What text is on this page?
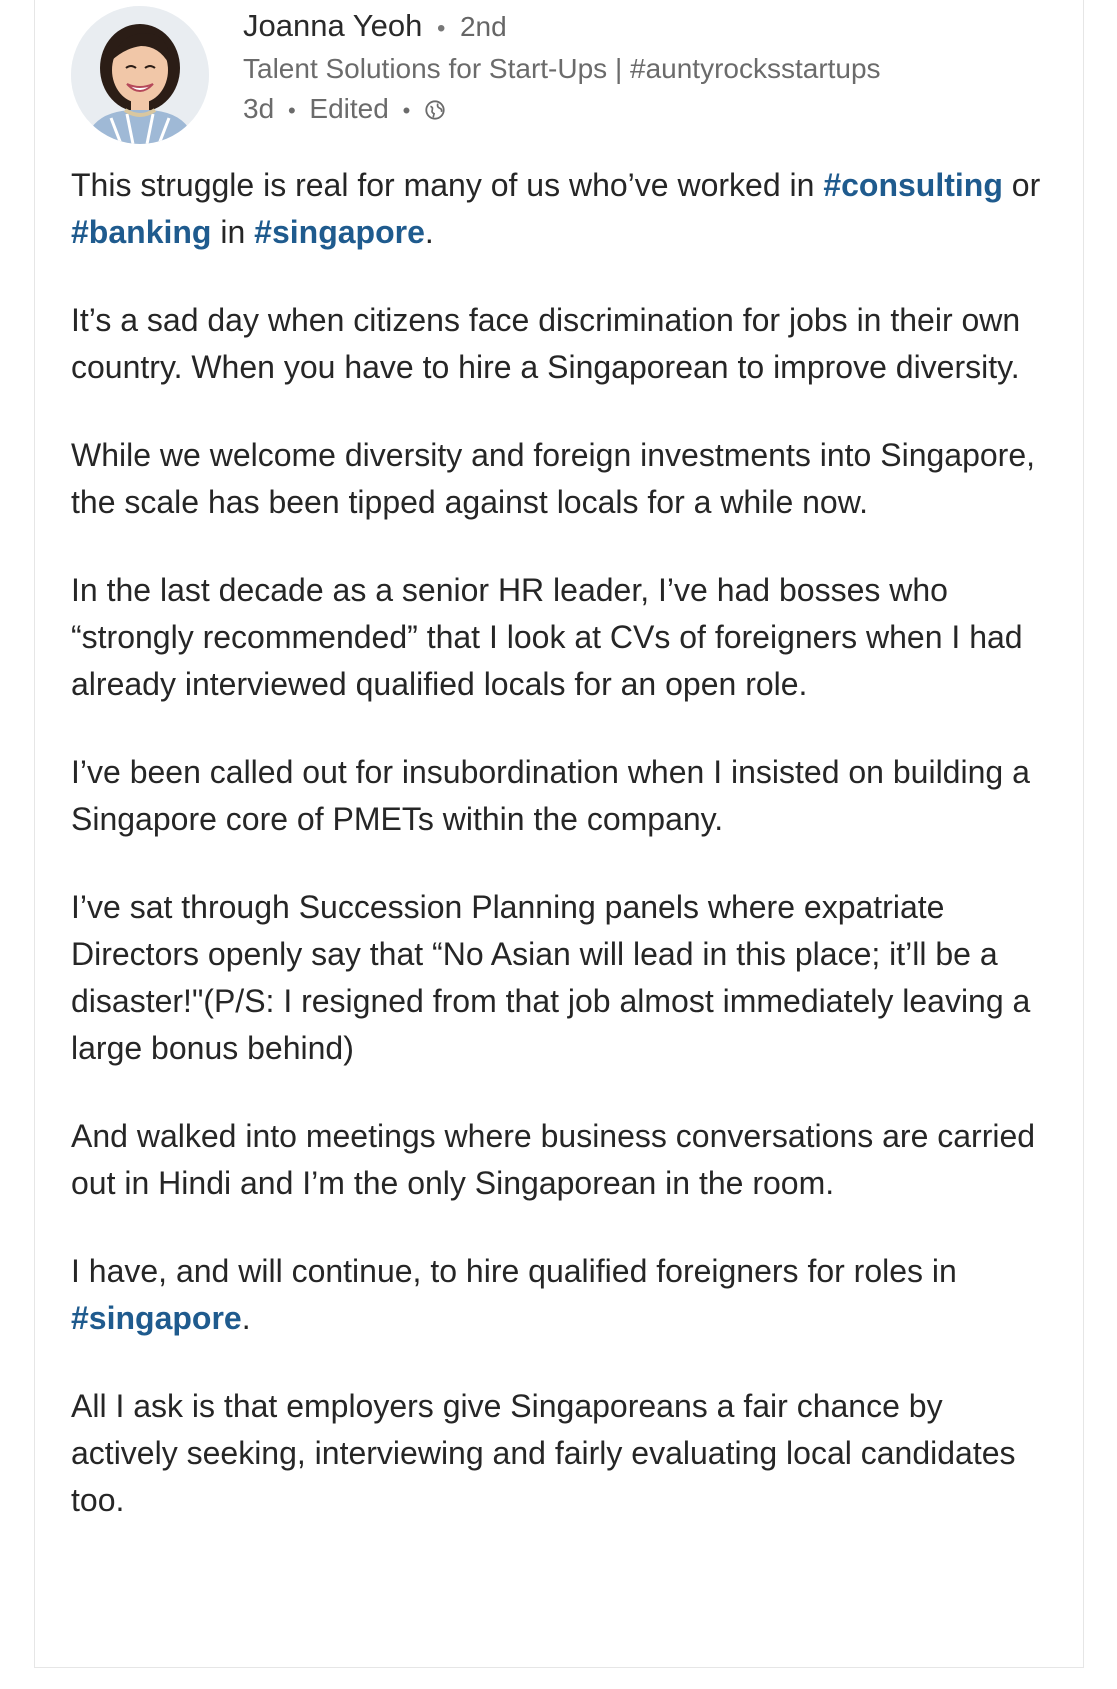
Joanna Yeoh • 2nd
Talent Solutions for Start-Ups | #auntyrocksstartups
3d • Edited •

This struggle is real for many of us who’ve worked in #consulting or #banking in #singapore.

It’s a sad day when citizens face discrimination for jobs in their own country. When you have to hire a Singaporean to improve diversity.

While we welcome diversity and foreign investments into Singapore, the scale has been tipped against locals for a while now.

In the last decade as a senior HR leader, I’ve had bosses who “strongly recommended” that I look at CVs of foreigners when I had already interviewed qualified locals for an open role.

I’ve been called out for insubordination when I insisted on building a Singapore core of PMETs within the company.

I’ve sat through Succession Planning panels where expatriate Directors openly say that “No Asian will lead in this place; it’ll be a disaster!"(P/S: I resigned from that job almost immediately leaving a large bonus behind)

And walked into meetings where business conversations are carried out in Hindi and I’m the only Singaporean in the room.

I have, and will continue, to hire qualified foreigners for roles in #singapore.

All I ask is that employers give Singaporeans a fair chance by actively seeking, interviewing and fairly evaluating local candidates too.
